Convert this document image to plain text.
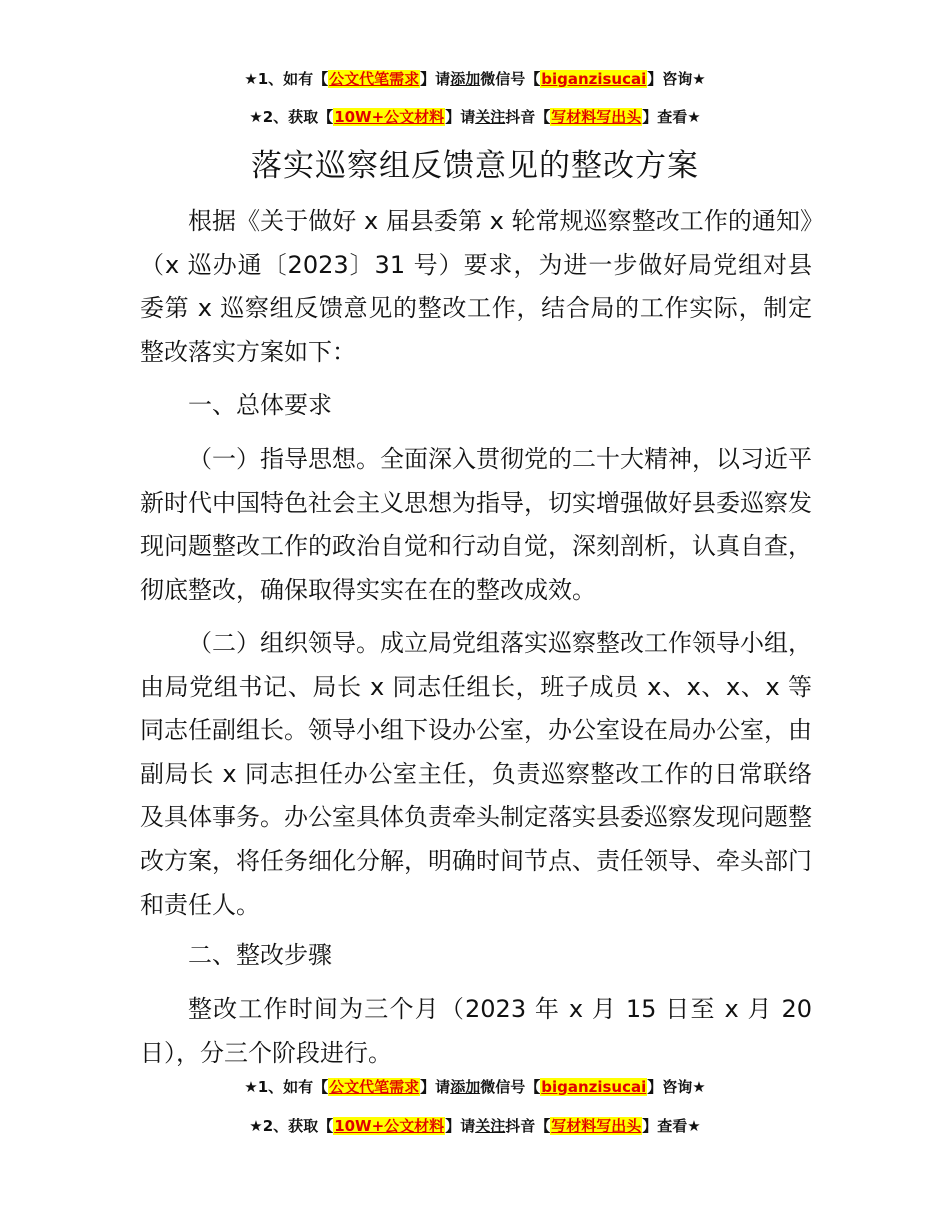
★1、如有【公文代笔需求】请添加微信号【biganzisucai】咨询★
★2、获取【10W+公文材料】请关注抖音【写材料写出头】查看★
落实巡察组反馈意见的整改方案

根据《关于做好 x 届县委第 x 轮常规巡察整改工作的通知》（x 巡办通〔2023〕31 号）要求，为进一步做好局党组对县委第 x 巡察组反馈意见的整改工作，结合局的工作实际，制定整改落实方案如下：

一、总体要求

（一）指导思想。全面深入贯彻党的二十大精神，以习近平新时代中国特色社会主义思想为指导，切实增强做好县委巡察发现问题整改工作的政治自觉和行动自觉，深刻剖析，认真自查，彻底整改，确保取得实实在在的整改成效。

（二）组织领导。成立局党组落实巡察整改工作领导小组，由局党组书记、局长 x 同志任组长，班子成员 x、x、x、x 等同志任副组长。领导小组下设办公室，办公室设在局办公室，由副局长 x 同志担任办公室主任，负责巡察整改工作的日常联络及具体事务。办公室具体负责牵头制定落实县委巡察发现问题整改方案，将任务细化分解，明确时间节点、责任领导、牵头部门和责任人。

二、整改步骤

整改工作时间为三个月（2023 年 x 月 15 日至 x 月 20 日），分三个阶段进行。

★1、如有【公文代笔需求】请添加微信号【biganzisucai】咨询★
★2、获取【10W+公文材料】请关注抖音【写材料写出头】查看★
